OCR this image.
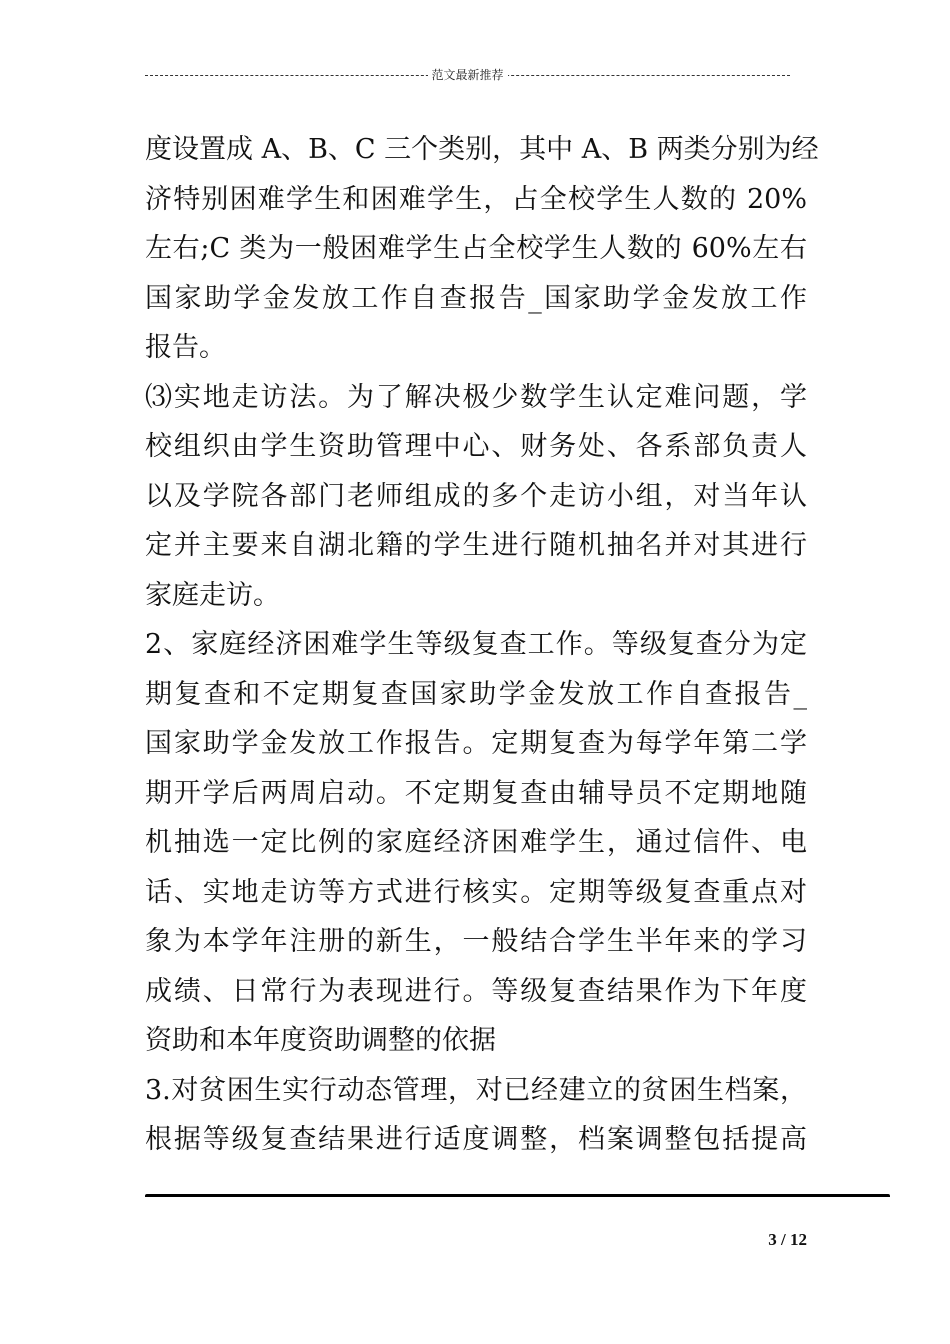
范文最新推荐
度设置成 A、B、C 三个类别，其中 A、B 两类分别为经
济特别困难学生和困难学生，占全校学生人数的 20%
左右;C 类为一般困难学生占全校学生人数的 60%左右
国家助学金发放工作自查报告_国家助学金发放工作
报告。
⑶实地走访法。为了解决极少数学生认定难问题，学
校组织由学生资助管理中心、财务处、各系部负责人
以及学院各部门老师组成的多个走访小组，对当年认
定并主要来自湖北籍的学生进行随机抽名并对其进行
家庭走访。
2、家庭经济困难学生等级复查工作。等级复查分为定
期复查和不定期复查国家助学金发放工作自查报告_
国家助学金发放工作报告。定期复查为每学年第二学
期开学后两周启动。不定期复查由辅导员不定期地随
机抽选一定比例的家庭经济困难学生，通过信件、电
话、实地走访等方式进行核实。定期等级复查重点对
象为本学年注册的新生，一般结合学生半年来的学习
成绩、日常行为表现进行。等级复查结果作为下年度
资助和本年度资助调整的依据
3.对贫困生实行动态管理，对已经建立的贫困生档案，
根据等级复查结果进行适度调整，档案调整包括提高
3 / 12
